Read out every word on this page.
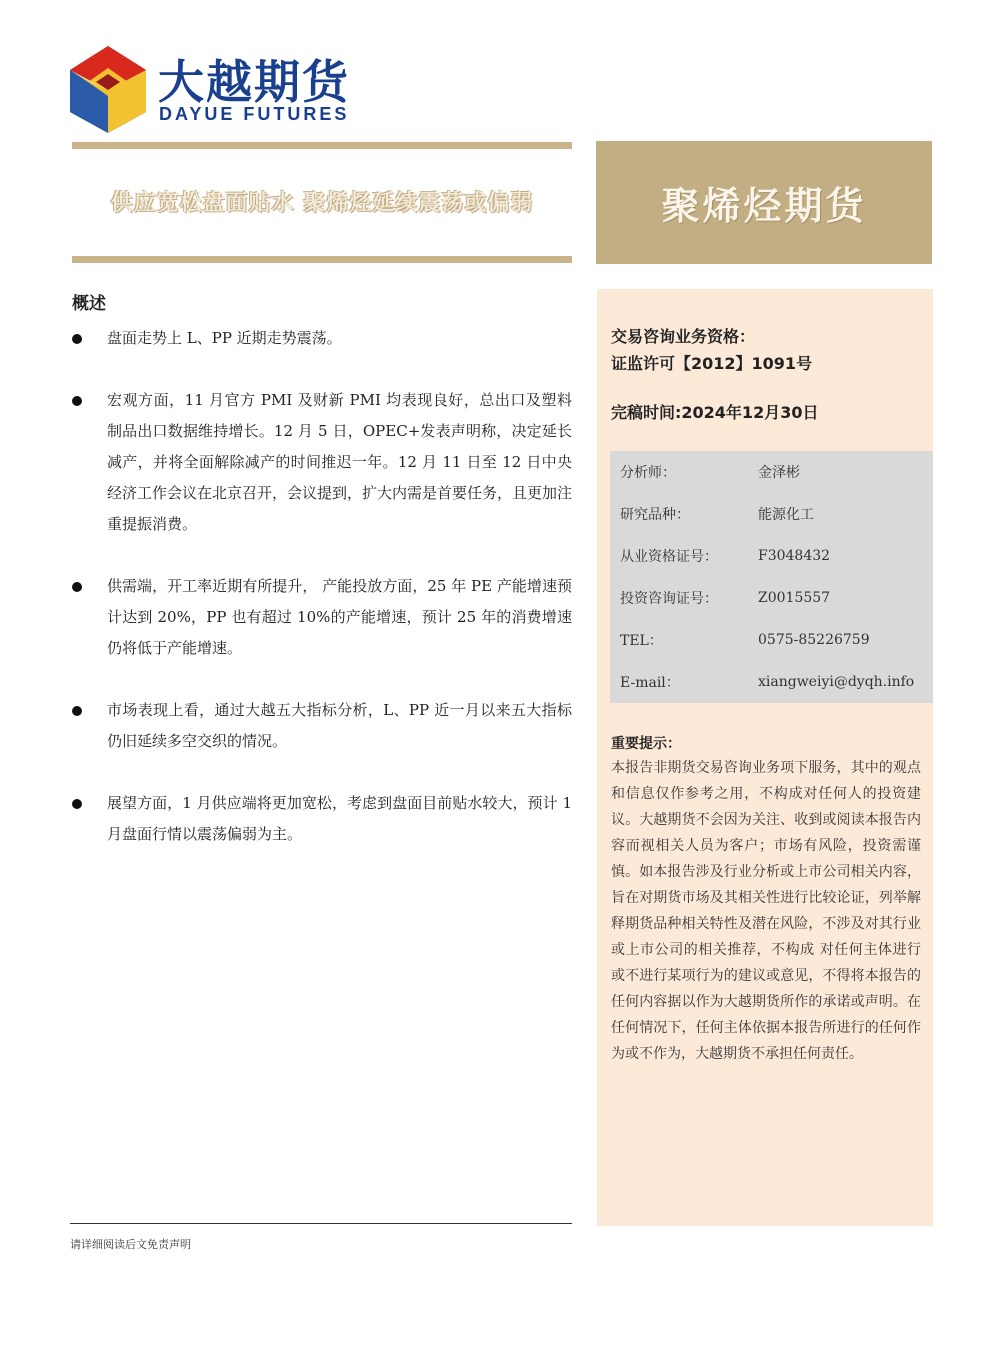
大越期货
DAYUE FUTURES
供应宽松盘面贴水 聚烯烃延续震荡或偏弱	聚烯烃期货
概述
盘面走势上 L、PP 近期走势震荡。
宏观方面，11 月官方 PMI 及财新 PMI 均表现良好，总出口及塑料制品出口数据维持增长。12 月 5 日，OPEC+发表声明称，决定延长减产，并将全面解除减产的时间推迟一年。12 月 11 日至 12 日中央经济工作会议在北京召开，会议提到，扩大内需是首要任务，且更加注重提振消费。
供需端，开工率近期有所提升， 产能投放方面，25 年 PE 产能增速预计达到 20%，PP 也有超过 10%的产能增速，预计 25 年的消费增速仍将低于产能增速。
市场表现上看，通过大越五大指标分析，L、PP 近一月以来五大指标仍旧延续多空交织的情况。
展望方面，1 月供应端将更加宽松，考虑到盘面目前贴水较大，预计 1 月盘面行情以震荡偏弱为主。
交易咨询业务资格：
证监许可【2012】1091号
完稿时间:2024年12月30日
分析师：	金泽彬
研究品种：	能源化工
从业资格证号：	F3048432
投资咨询证号：	Z0015557
TEL：	0575-85226759
E-mail：	xiangweiyi@dyqh.info
重要提示：
本报告非期货交易咨询业务项下服务，其中的观点和信息仅作参考之用，不构成对任何人的投资建议。大越期货不会因为关注、收到或阅读本报告内容而视相关人员为客户；市场有风险，投资需谨慎。如本报告涉及行业分析或上市公司相关内容，旨在对期货市场及其相关性进行比较论证，列举解释期货品种相关特性及潜在风险，不涉及对其行业或上市公司的相关推荐，不构成 对任何主体进行或不进行某项行为的建议或意见，不得将本报告的任何内容据以作为大越期货所作的承诺或声明。在任何情况下，任何主体依据本报告所进行的任何作为或不作为，大越期货不承担任何责任。
请详细阅读后文免责声明
